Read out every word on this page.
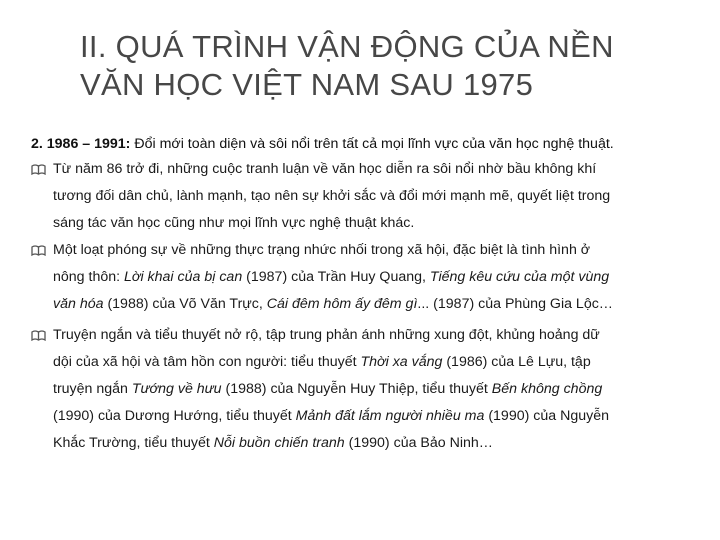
II. QUÁ TRÌNH VẬN ĐỘNG CỦA NỀN
VĂN HỌC VIỆT NAM SAU 1975
2. 1986 – 1991: Đổi mới toàn diện và sôi nổi trên tất cả mọi lĩnh vực của văn học nghệ thuật.
Từ năm 86 trở đi, những cuộc tranh luận về văn học diễn ra sôi nổi nhờ bầu không khí
tương đối dân chủ, lành mạnh, tạo nên sự khởi sắc và đổi mới mạnh mẽ, quyết liệt trong
sáng tác văn học cũng như mọi lĩnh vực nghệ thuật khác.
Một loạt phóng sự về những thực trạng nhức nhối trong xã hội, đặc biệt là tình hình ở
nông thôn: Lời khai của bị can (1987) của Trần Huy Quang, Tiếng kêu cứu của một vùng
văn hóa (1988) của Võ Văn Trực, Cái đêm hôm ấy đêm gì... (1987) của Phùng Gia Lộc…
Truyện ngắn và tiểu thuyết nở rộ, tập trung phản ánh những xung đột, khủng hoảng dữ
dội của xã hội và tâm hồn con người: tiểu thuyết Thời xa vắng (1986) của Lê Lựu, tập
truyện ngắn Tướng về hưu (1988) của Nguyễn Huy Thiệp, tiểu thuyết Bến không chồng
(1990) của Dương Hướng, tiểu thuyết Mảnh đất lắm người nhiều ma (1990) của Nguyễn
Khắc Trường, tiểu thuyết Nỗi buồn chiến tranh (1990) của Bảo Ninh…
